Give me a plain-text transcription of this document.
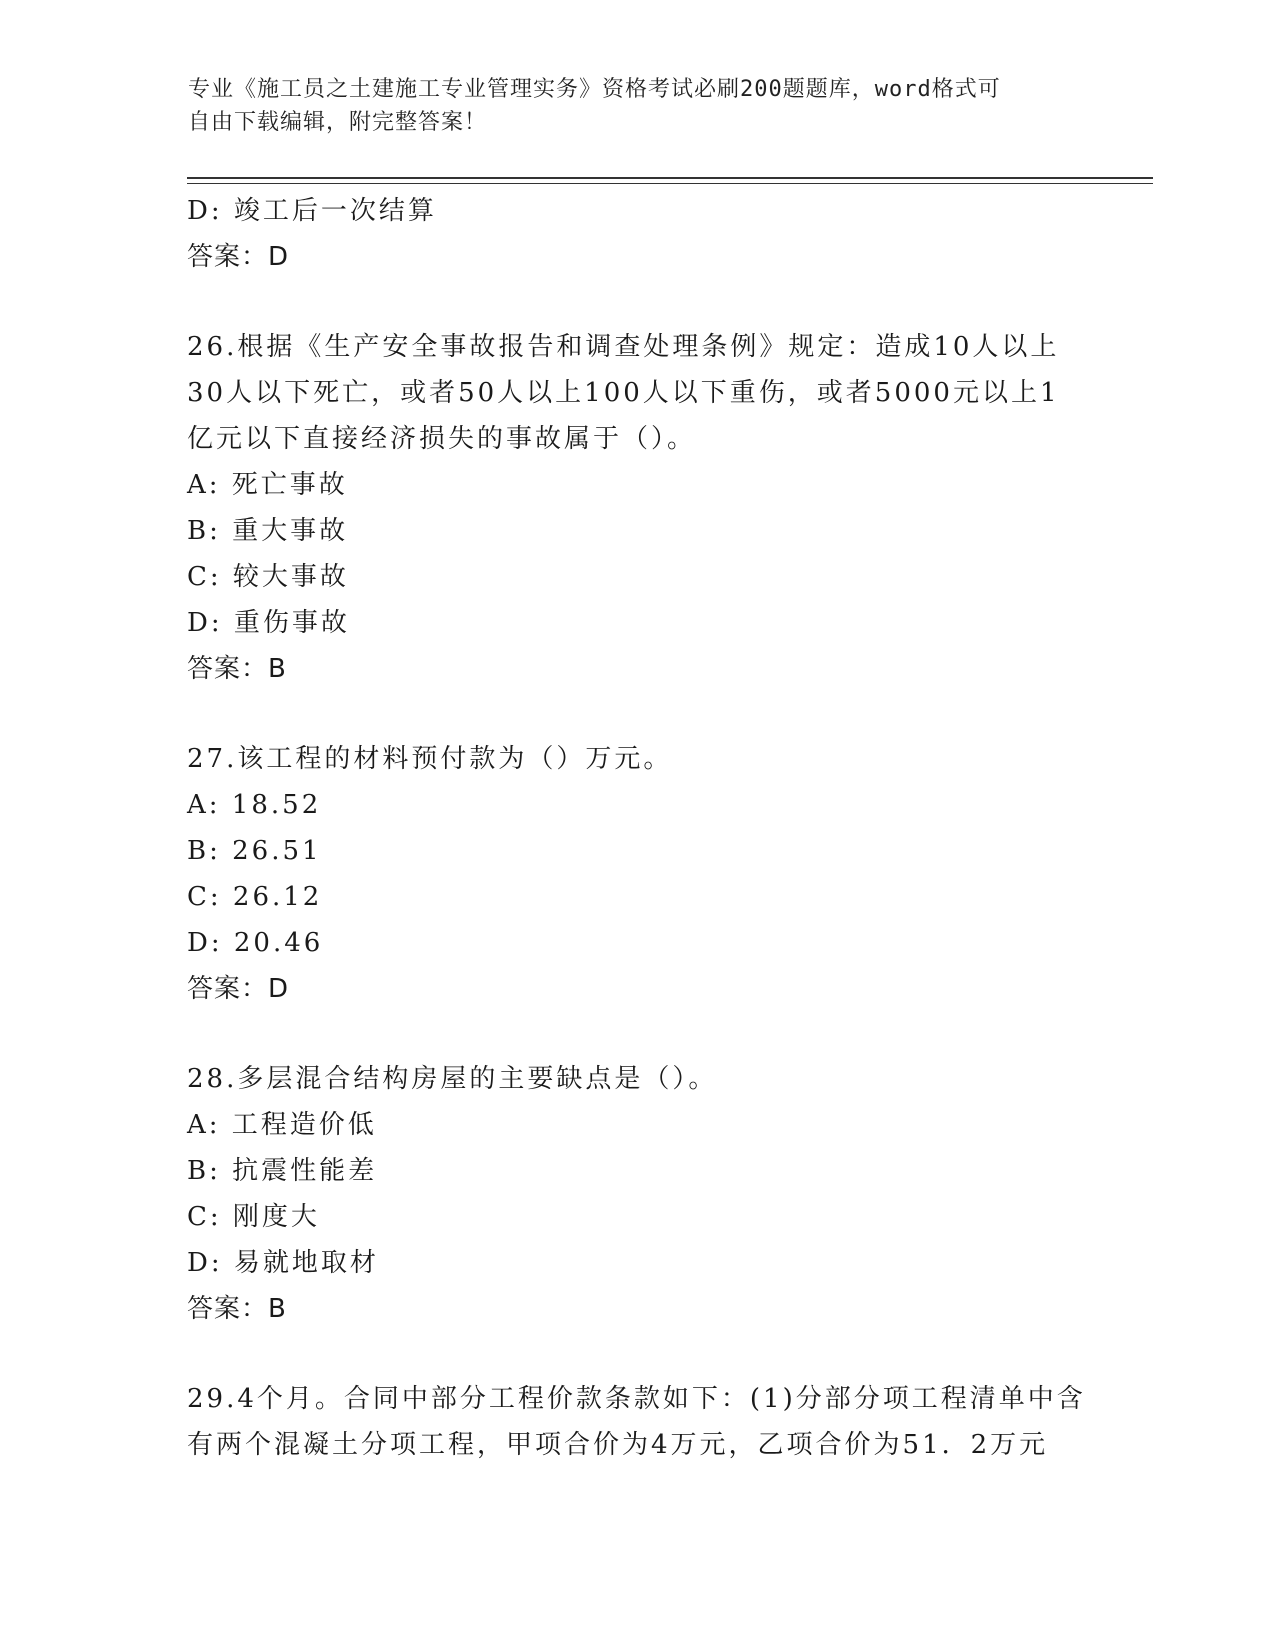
专业《施工员之土建施工专业管理实务》资格考试必刷200题题库，word格式可
自由下载编辑，附完整答案！
D: 竣工后一次结算
答案：D
26.根据《生产安全事故报告和调查处理条例》规定：造成10人以上
30人以下死亡，或者50人以上100人以下重伤，或者5000元以上1
亿元以下直接经济损失的事故属于（）。
A: 死亡事故
B: 重大事故
C: 较大事故
D: 重伤事故
答案：B
27.该工程的材料预付款为（）万元。
A: 18.52
B: 26.51
C: 26.12
D: 20.46
答案：D
28.多层混合结构房屋的主要缺点是（）。
A: 工程造价低
B: 抗震性能差
C: 刚度大
D: 易就地取材
答案：B
29.4个月。合同中部分工程价款条款如下：(1)分部分项工程清单中含
有两个混凝土分项工程，甲项合价为4万元，乙项合价为51．2万元
